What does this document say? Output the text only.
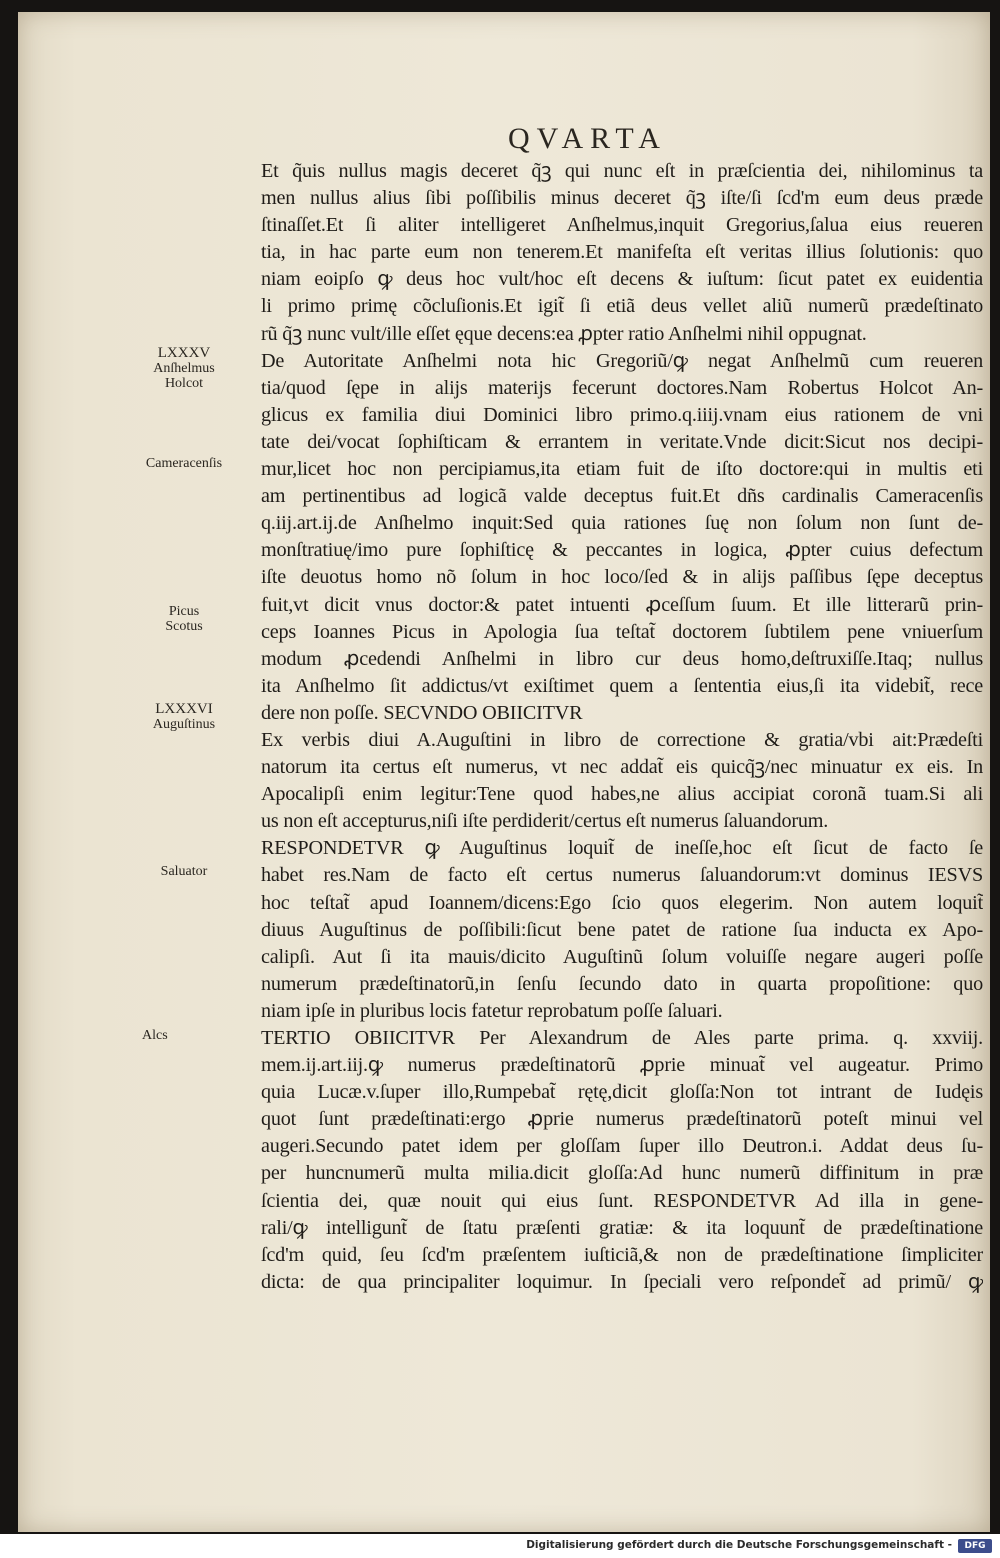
QVARTA
LXXXV
Anſhelmus
Holcot
Cameracenſis
Picus
Scotus
LXXXVI
Auguſtinus
Saluator
Alcs
Et q̃uis nullus magis deceret q̃ꝫ qui nunc eſt in præſcientia dei, nihilominus ta
men nullus alius ſibi poſſibilis minus deceret q̃ꝫ iſte/ſi ſcd'm eum deus præde
ſtinaſſet.Et ſi aliter intelligeret Anſhelmus,inquit Gregorius,ſalua eius reueren
tia, in hac parte eum non tenerem.Et manifeſta eſt veritas illius ſolutionis: quo
niam eoipſo ꝙ deus hoc vult/hoc eſt decens & iuſtum: ſicut patet ex euidentia
li primo primę cõcluſionis.Et igit̃ ſi etiã deus vellet aliũ numerũ prædeſtinato
rũ q̃ꝫ nunc vult/ille eſſet ęque decens:ea ꝓpter ratio Anſhelmi nihil oppugnat.
De Autoritate Anſhelmi nota hic Gregoriũ/ꝙ negat Anſhelmũ cum reueren
tia/quod ſępe in alijs materijs fecerunt doctores.Nam Robertus Holcot An-
glicus ex familia diui Dominici libro primo.q.iiij.vnam eius rationem de vni
tate dei/vocat ſophiſticam & errantem in veritate.Vnde dicit:Sicut nos decipi-
mur,licet hoc non percipiamus,ita etiam fuit de iſto doctore:qui in multis eti
am pertinentibus ad logicã valde deceptus fuit.Et dñs cardinalis Cameracenſis
q.iij.art.ij.de Anſhelmo inquit:Sed quia rationes ſuę non ſolum non ſunt de-
monſtratiuę/imo pure ſophiſticę & peccantes in logica, ꝓpter cuius defectum
iſte deuotus homo nõ ſolum in hoc loco/ſed & in alijs paſſibus ſępe deceptus
fuit,vt dicit vnus doctor:& patet intuenti ꝓceſſum ſuum. Et ille litterarũ prin-
ceps Ioannes Picus in Apologia ſua teſtat̃ doctorem ſubtilem pene vniuerſum
modum ꝓcedendi Anſhelmi in libro cur deus homo,deſtruxiſſe.Itaq; nullus
ita Anſhelmo ſit addictus/vt exiſtimet quem a ſententia eius,ſi ita videbit̃, rece
dere non poſſe. SECVNDO OBIICITVR
Ex verbis diui A.Auguſtini in libro de correctione & gratia/vbi ait:Prædeſti
natorum ita certus eſt numerus, vt nec addat̃ eis quicq̃ꝫ/nec minuatur ex eis. In
Apocalipſi enim legitur:Tene quod habes,ne alius accipiat coronã tuam.Si ali
us non eſt accepturus,niſi iſte perdiderit/certus eſt numerus ſaluandorum.
RESPONDETVR ꝙ Auguſtinus loquit̃ de ineſſe,hoc eſt ſicut de facto ſe
habet res.Nam de facto eſt certus numerus ſaluandorum:vt dominus IESVS
hoc teſtat̃ apud Ioannem/dicens:Ego ſcio quos elegerim. Non autem loquit̃
diuus Auguſtinus de poſſibili:ſicut bene patet de ratione ſua inducta ex Apo-
calipſi. Aut ſi ita mauis/dicito Auguſtinũ ſolum voluiſſe negare augeri poſſe
numerum prædeſtinatorũ,in ſenſu ſecundo dato in quarta propoſitione: quo
niam ipſe in pluribus locis fatetur reprobatum poſſe ſaluari.
TERTIO OBIICITVR Per Alexandrum de Ales parte prima. q. xxviij.
mem.ij.art.iij.ꝙ numerus prædeſtinatorũ ꝓprie minuat̃ vel augeatur. Primo
quia Lucæ.v.ſuper illo,Rumpebat̃ rętę,dicit gloſſa:Non tot intrant de Iudęis
quot ſunt prædeſtinati:ergo ꝓprie numerus prædeſtinatorũ poteſt minui vel
augeri.Secundo patet idem per gloſſam ſuper illo Deutron.i. Addat deus ſu-
per huncnumerũ multa milia.dicit gloſſa:Ad hunc numerũ diffinitum in præ
ſcientia dei, quæ nouit qui eius ſunt. RESPONDETVR Ad illa in gene-
rali/ꝙ intelligunt̃ de ſtatu præſenti gratiæ: & ita loquunt̃ de prædeſtinatione
ſcd'm quid, ſeu ſcd'm præſentem iuſticiã,& non de prædeſtinatione ſimpliciter
dicta: de qua principaliter loquimur. In ſpeciali vero reſpondet̃ ad primũ/ ꝙ
Digitalisierung gefördert durch die Deutsche Forschungsgemeinschaft -	DFG
